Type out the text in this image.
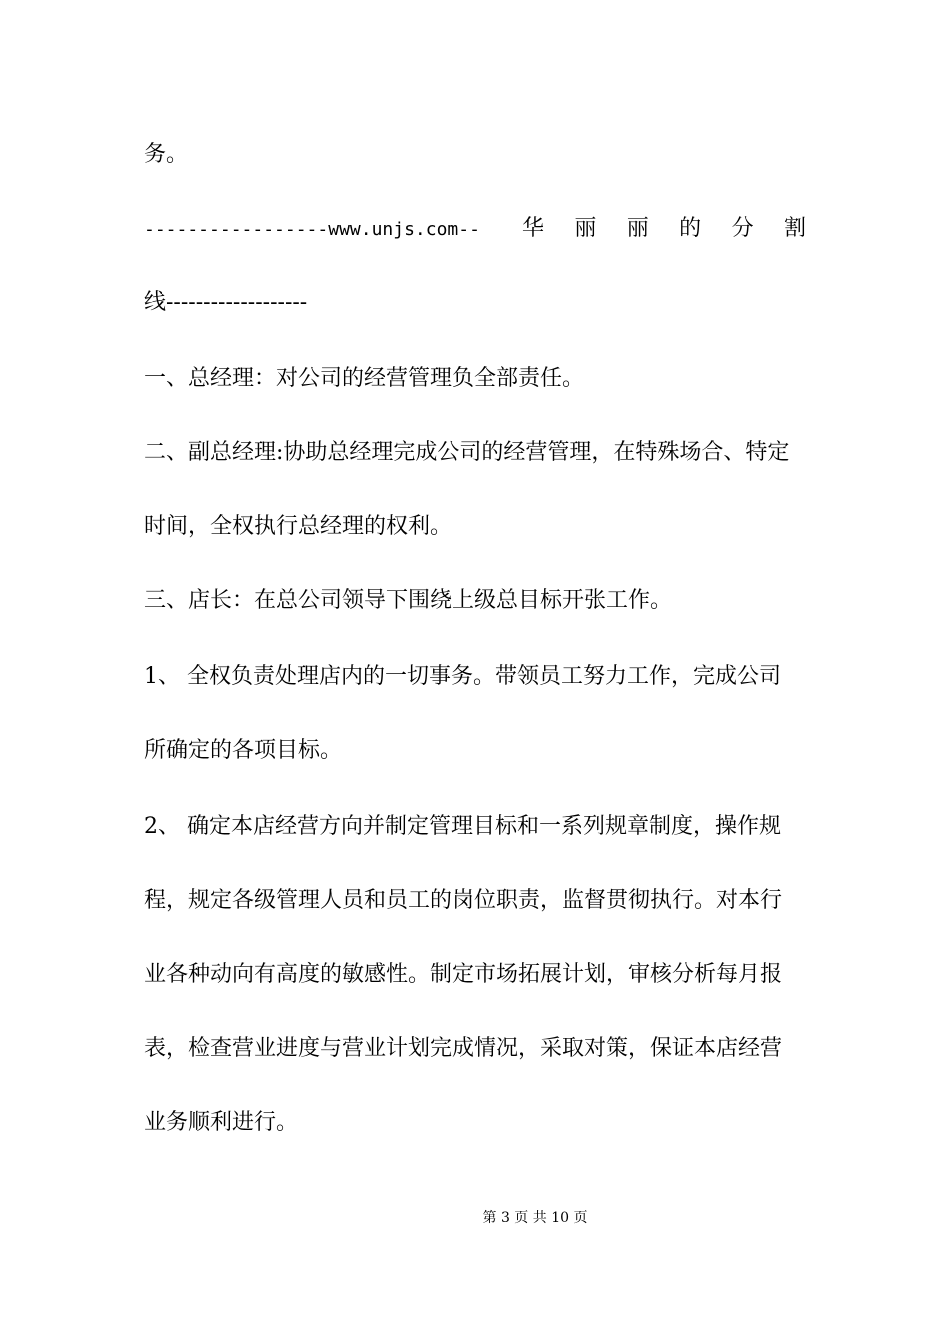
务。
-----------------www.unjs.com-- 华 丽 丽 的 分 割
线-------------------
一、总经理：对公司的经营管理负全部责任。
二、副总经理:协助总经理完成公司的经营管理，在特殊场合、特定
时间，全权执行总经理的权利。
三、店长：在总公司领导下围绕上级总目标开张工作。
1、 全权负责处理店内的一切事务。带领员工努力工作，完成公司
所确定的各项目标。
2、 确定本店经营方向并制定管理目标和一系列规章制度，操作规
程，规定各级管理人员和员工的岗位职责，监督贯彻执行。对本行
业各种动向有高度的敏感性。制定市场拓展计划，审核分析每月报
表，检查营业进度与营业计划完成情况，采取对策，保证本店经营
业务顺利进行。
第 3 页 共 10 页
